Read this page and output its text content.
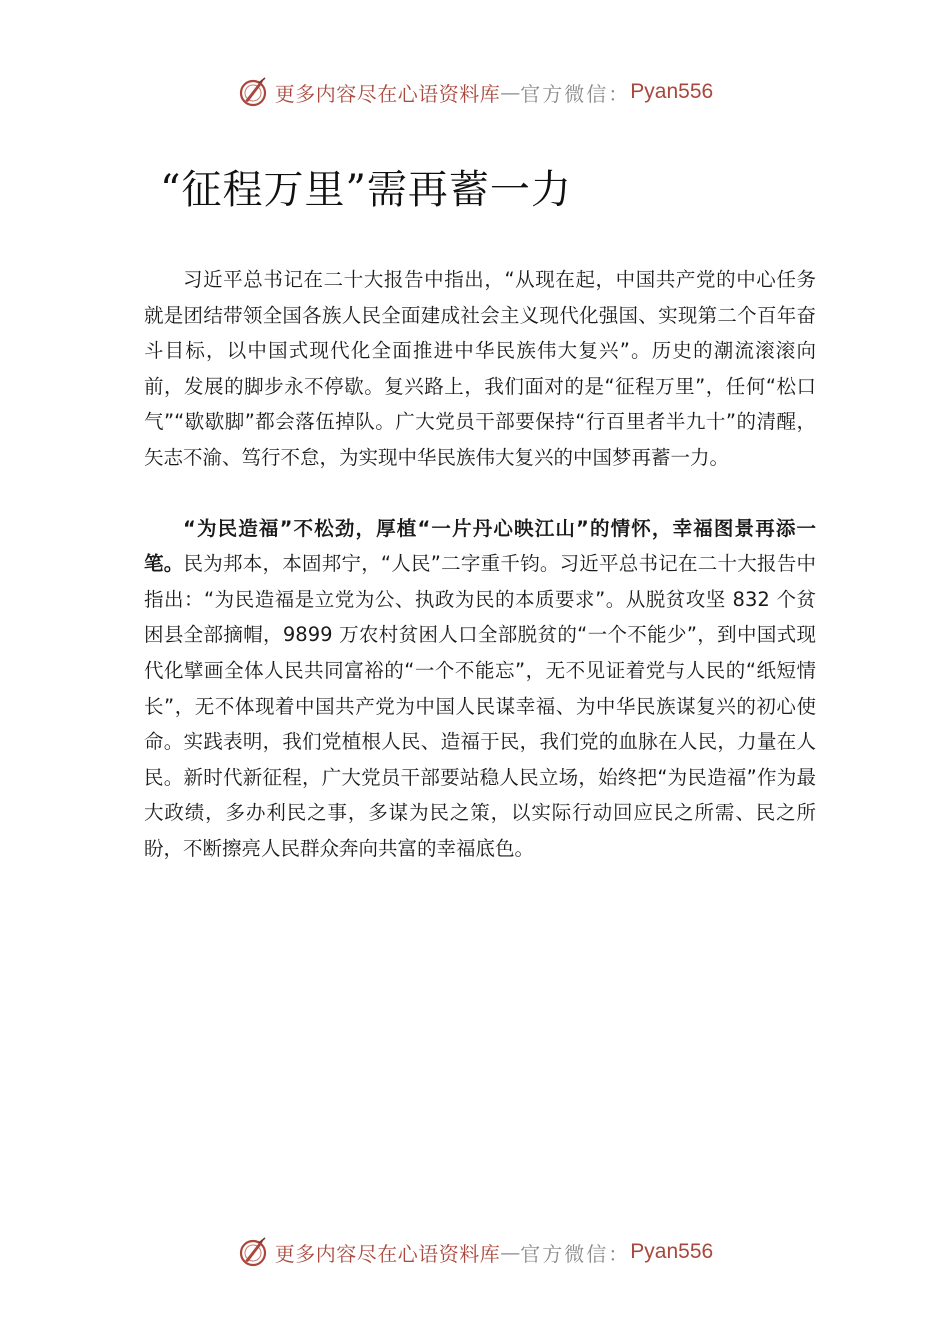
更多内容尽在心语资料库 — 官方微信： Pyan556
“征程万里”需再蓄一力

习近平总书记在二十大报告中指出，“从现在起，中国共产党的中心任务就是团结带领全国各族人民全面建成社会主义现代化强国、实现第二个百年奋斗目标，以中国式现代化全面推进中华民族伟大复兴”。历史的潮流滚滚向前，发展的脚步永不停歇。复兴路上，我们面对的是“征程万里”，任何“松口气”“歇歇脚”都会落伍掉队。广大党员干部要保持“行百里者半九十”的清醒，矢志不渝、笃行不怠，为实现中华民族伟大复兴的中国梦再蓄一力。

“为民造福”不松劲，厚植“一片丹心映江山”的情怀，幸福图景再添一笔。民为邦本，本固邦宁，“人民”二字重千钧。习近平总书记在二十大报告中指出：“为民造福是立党为公、执政为民的本质要求”。从脱贫攻坚 832 个贫困县全部摘帽，9899 万农村贫困人口全部脱贫的“一个不能少”，到中国式现代化擘画全体人民共同富裕的“一个不能忘”，无不见证着党与人民的“纸短情长”，无不体现着中国共产党为中国人民谋幸福、为中华民族谋复兴的初心使命。实践表明，我们党植根人民、造福于民，我们党的血脉在人民，力量在人民。新时代新征程，广大党员干部要站稳人民立场，始终把“为民造福”作为最大政绩，多办利民之事，多谋为民之策，以实际行动回应民之所需、民之所盼，不断擦亮人民群众奔向共富的幸福底色。

更多内容尽在心语资料库 — 官方微信： Pyan556
